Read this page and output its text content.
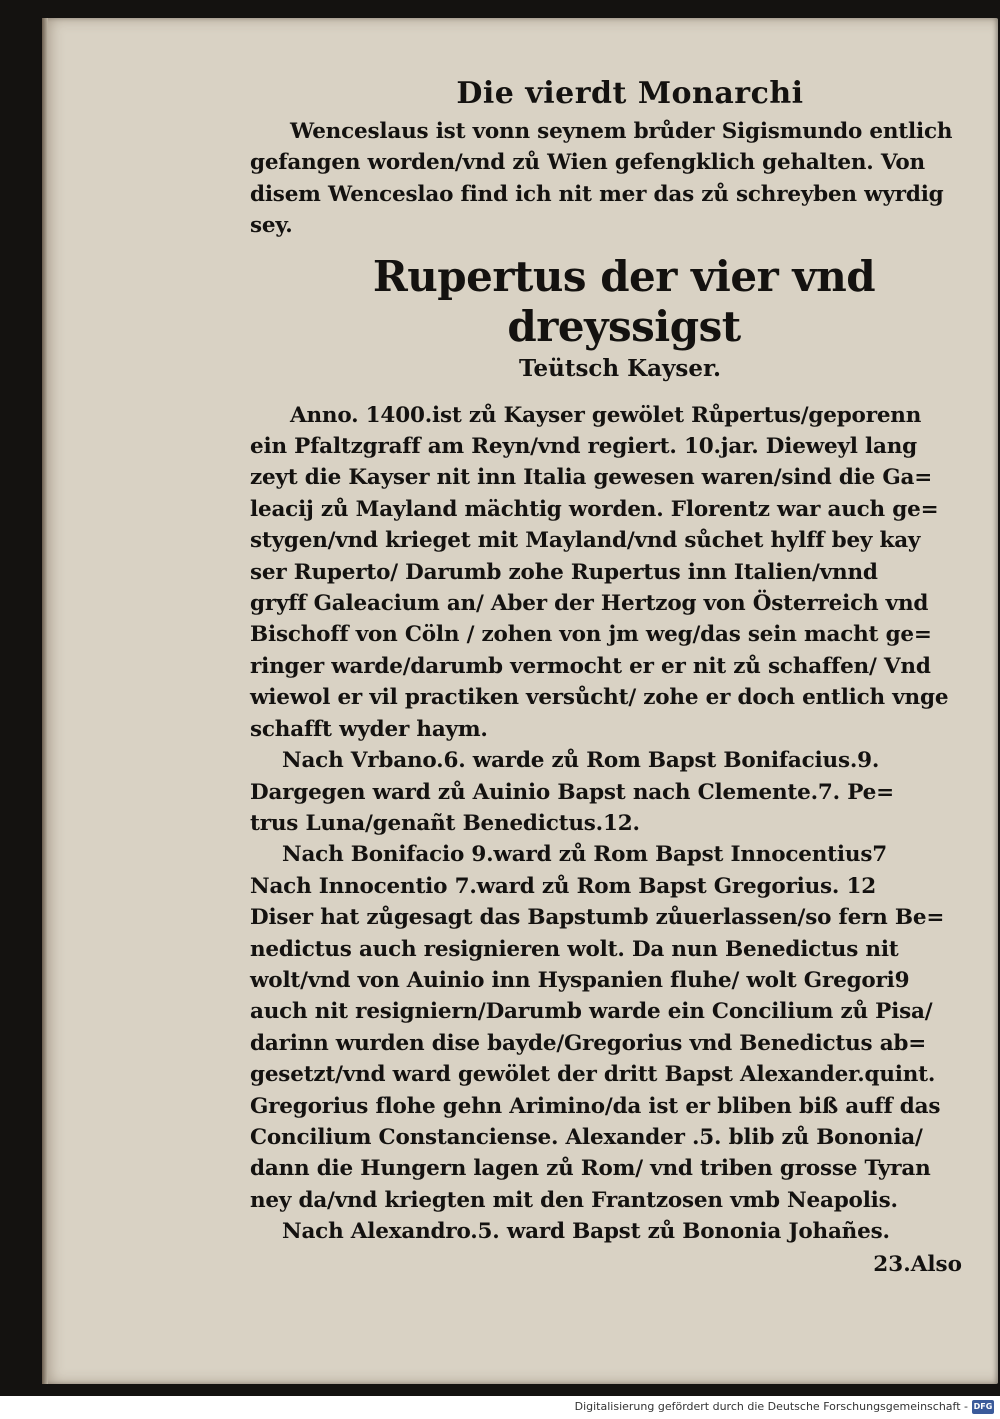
Die vierdt Monarchi
Wenceslaus ist vonn seynem brůder Sigismundo entlich
gefangen worden/vnd zů Wien gefengklich gehalten. Von
disem Wenceslao find ich nit mer das zů schreyben wyrdig
sey.
Rupertus der vier vnd dreyssigst
Teütsch Kayser.
Anno. 1400.ist zů Kayser gewölet Růpertus/geporenn
ein Pfaltzgraff am Reyn/vnd regiert. 10.jar. Dieweyl lang
zeyt die Kayser nit inn Italia gewesen waren/sind die Ga=
leacij zů Mayland mächtig worden. Florentz war auch ge=
stygen/vnd krieget mit Mayland/vnd sůchet hylff bey kay
ser Ruperto/ Darumb zohe Rupertus inn Italien/vnnd
gryff Galeacium an/ Aber der Hertzog von Österreich vnd
Bischoff von Cöln / zohen von jm weg/das sein macht ge=
ringer warde/darumb vermocht er er nit zů schaffen/ Vnd
wiewol er vil practiken versůcht/ zohe er doch entlich vnge
schafft wyder haym.
Nach Vrbano.6. warde zů Rom Bapst Bonifacius.9.
Dargegen ward zů Auinio Bapst nach Clemente.7. Pe=
trus Luna/genañt Benedictus.12.
Nach Bonifacio 9.ward zů Rom Bapst Innocentius7
Nach Innocentio 7.ward zů Rom Bapst Gregorius. 12
Diser hat zůgesagt das Bapstumb zůuerlassen/so fern Be=
nedictus auch resignieren wolt. Da nun Benedictus nit
wolt/vnd von Auinio inn Hyspanien fluhe/ wolt Gregori9
auch nit resigniern/Darumb warde ein Concilium zů Pisa/
darinn wurden dise bayde/Gregorius vnd Benedictus ab=
gesetzt/vnd ward gewölet der dritt Bapst Alexander.quint.
Gregorius flohe gehn Arimino/da ist er bliben biß auff das
Concilium Constanciense. Alexander .5. blib zů Bononia/
dann die Hungern lagen zů Rom/ vnd triben grosse Tyran
ney da/vnd kriegten mit den Frantzosen vmb Neapolis.
Nach Alexandro.5. ward Bapst zů Bononia Johañes.
23.Also
Digitalisierung gefördert durch die Deutsche Forschungsgemeinschaft - DFG
